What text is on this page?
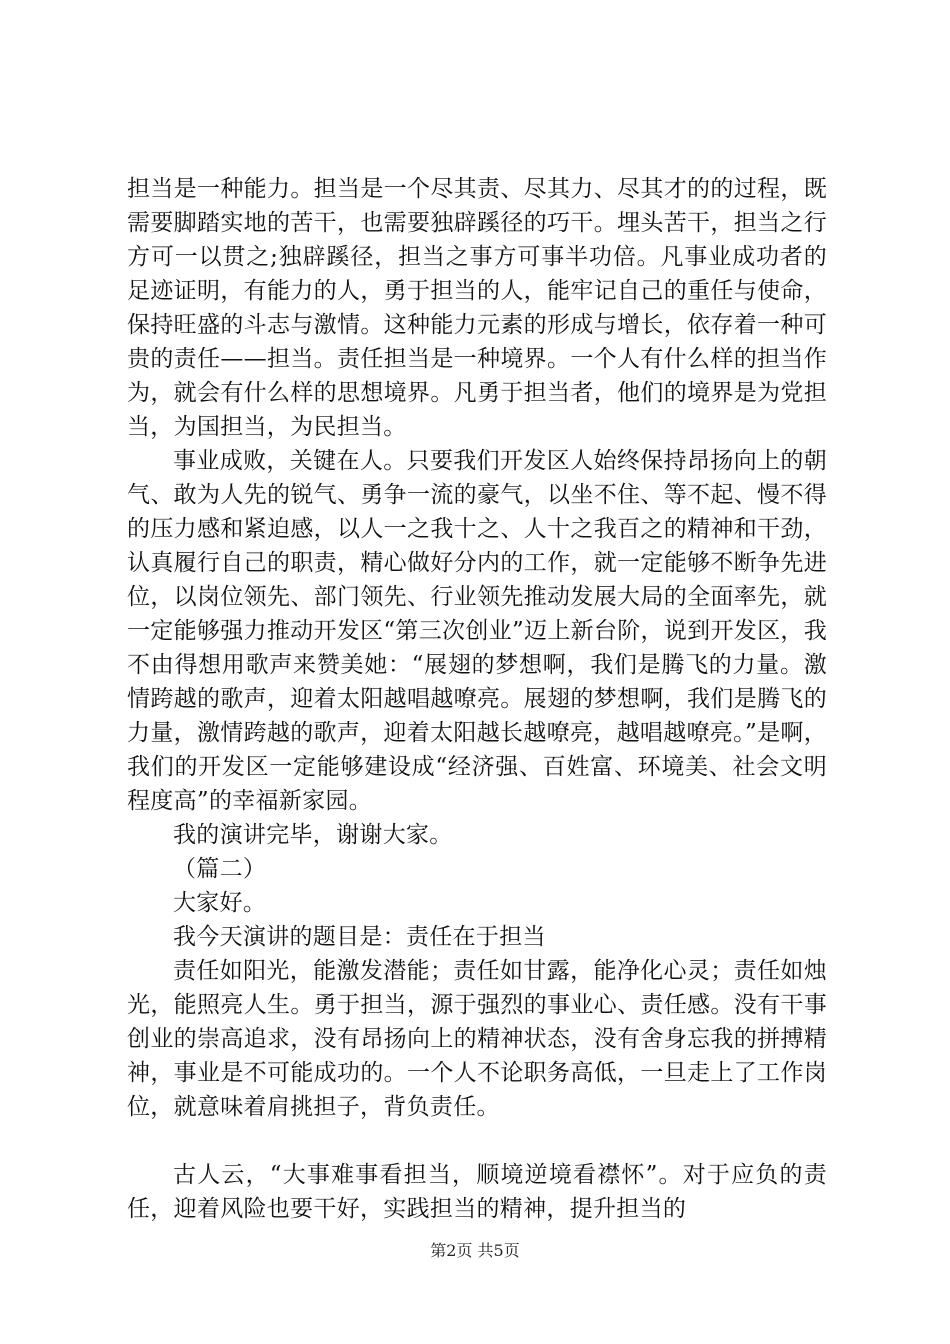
担当是一种能力。担当是一个尽其责、尽其力、尽其才的的过程，既需要脚踏实地的苦干，也需要独辟蹊径的巧干。埋头苦干，担当之行方可一以贯之;独辟蹊径，担当之事方可事半功倍。凡事业成功者的足迹证明，有能力的人，勇于担当的人，能牢记自己的重任与使命，保持旺盛的斗志与激情。这种能力元素的形成与增长，依存着一种可贵的责任——担当。责任担当是一种境界。一个人有什么样的担当作为，就会有什么样的思想境界。凡勇于担当者，他们的境界是为党担当，为国担当，为民担当。

事业成败，关键在人。只要我们开发区人始终保持昂扬向上的朝气、敢为人先的锐气、勇争一流的豪气，以坐不住、等不起、慢不得的压力感和紧迫感，以人一之我十之、人十之我百之的精神和干劲，认真履行自己的职责，精心做好分内的工作，就一定能够不断争先进位，以岗位领先、部门领先、行业领先推动发展大局的全面率先，就一定能够强力推动开发区“第三次创业”迈上新台阶，说到开发区，我不由得想用歌声来赞美她：“展翅的梦想啊，我们是腾飞的力量。激情跨越的歌声，迎着太阳越唱越嘹亮。展翅的梦想啊，我们是腾飞的力量，激情跨越的歌声，迎着太阳越长越嘹亮，越唱越嘹亮。”是啊，我们的开发区一定能够建设成“经济强、百姓富、环境美、社会文明程度高”的幸福新家园。

我的演讲完毕，谢谢大家。

（篇二）

大家好。

我今天演讲的题目是：责任在于担当

责任如阳光，能激发潜能；责任如甘露，能净化心灵；责任如烛光，能照亮人生。勇于担当，源于强烈的事业心、责任感。没有干事创业的崇高追求，没有昂扬向上的精神状态，没有舍身忘我的拼搏精神，事业是不可能成功的。一个人不论职务高低，一旦走上了工作岗位，就意味着肩挑担子，背负责任。

古人云，“大事难事看担当，顺境逆境看襟怀”。对于应负的责任，迎着风险也要干好，实践担当的精神，提升担当的

第2页 共5页
